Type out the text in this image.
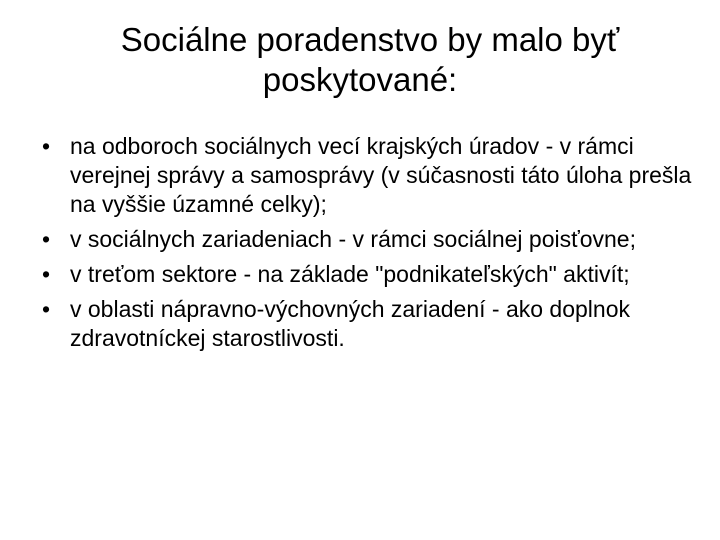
Sociálne poradenstvo by malo byť
poskytované:
• na odboroch sociálnych vecí krajských úradov - v rámci verejnej správy a samosprávy (v súčasnosti táto úloha prešla na vyššie úzamné celky);
• v sociálnych zariadeniach - v rámci sociálnej poisťovne;
• v treťom sektore - na základe "podnikateľských" aktivít;
• v oblasti nápravno-výchovných zariadení - ako doplnok zdravotníckej starostlivosti.
